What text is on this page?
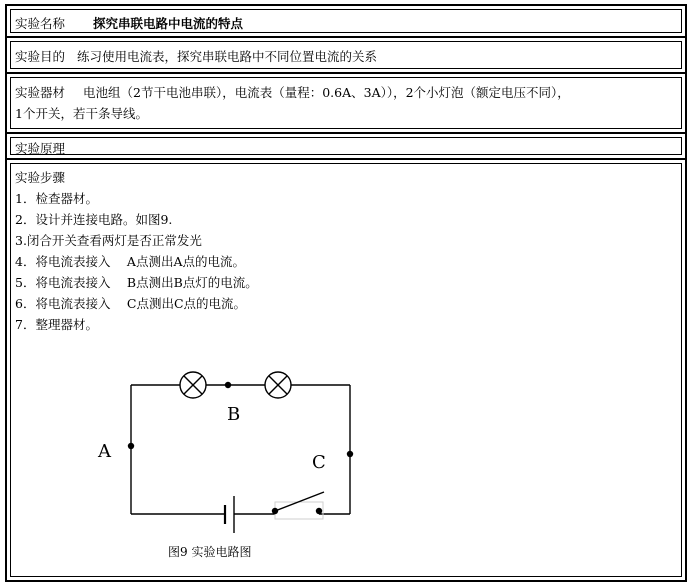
实验名称 探究串联电路中电流的特点
实验目的 练习使用电流表，探究串联电路中不同位置电流的关系
实验器材 电池组（2节干电池串联），电流表（量程：0.6A、3A）），2个小灯泡（额定电压不同），
1个开关，若干条导线。
实验原理
实验步骤
1．检查器材。
2．设计并连接电路。如图9.
3.闭合开关查看两灯是否正常发光
4．将电流表接入　 A点测出A点的电流。
5．将电流表接入　 B点测出B点灯的电流。
6．将电流表接入　 C点测出C点的电流。
7．整理器材。
A
B
C
图9 实验电路图
